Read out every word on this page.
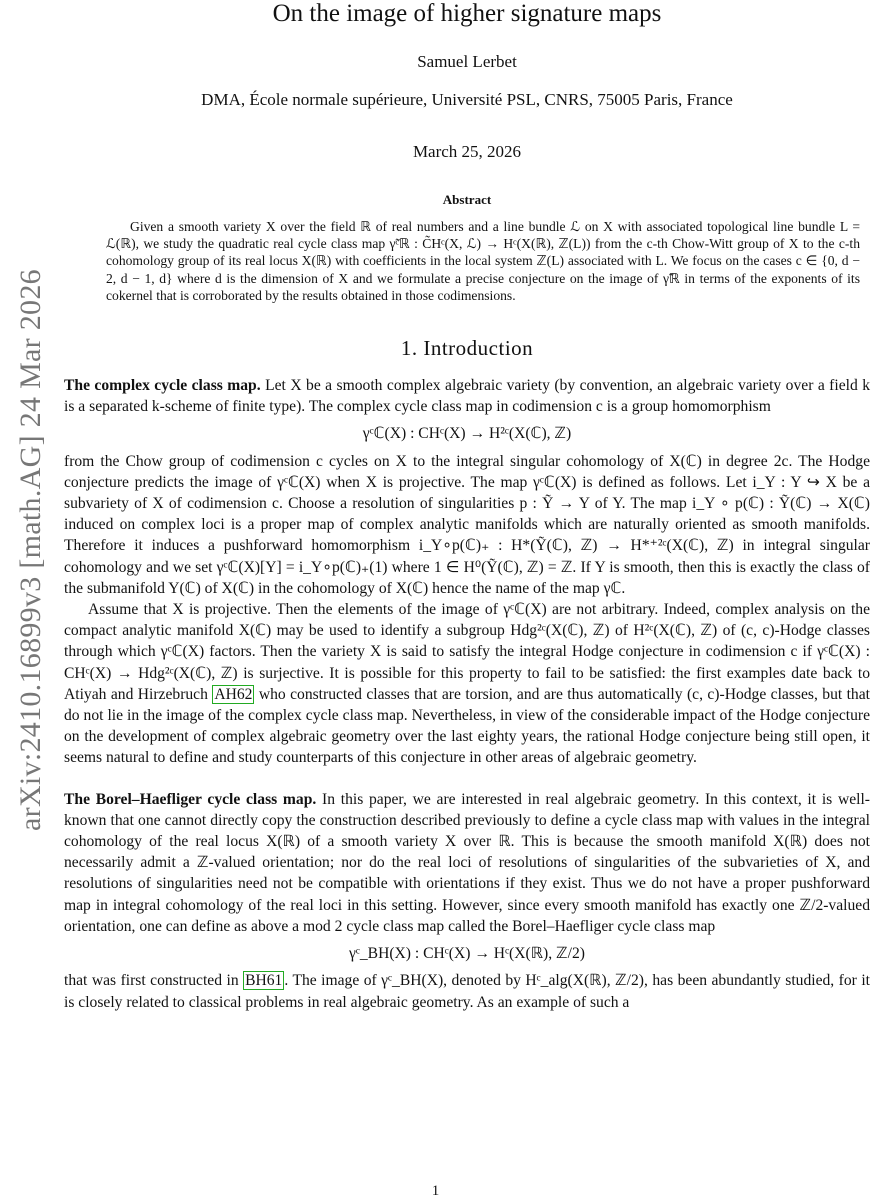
arXiv:2410.16899v3 [math.AG] 24 Mar 2026
On the image of higher signature maps
Samuel Lerbet
DMA, École normale supérieure, Université PSL, CNRS, 75005 Paris, France
March 25, 2026
Abstract

Given a smooth variety X over the field ℝ of real numbers and a line bundle ℒ on X with associated topological line bundle L = ℒ(ℝ), we study the quadratic real cycle class map γ̃ᶜℝ : C̃Hᶜ(X, ℒ) → Hᶜ(X(ℝ), ℤ(L)) from the c-th Chow-Witt group of X to the c-th cohomology group of its real locus X(ℝ) with coefficients in the local system ℤ(L) associated with L. We focus on the cases c ∈ {0, d − 2, d − 1, d} where d is the dimension of X and we formulate a precise conjecture on the image of γ̃ℝ in terms of the exponents of its cokernel that is corroborated by the results obtained in those codimensions.

1. Introduction

The complex cycle class map. Let X be a smooth complex algebraic variety (by convention, an algebraic variety over a field k is a separated k-scheme of finite type). The complex cycle class map in codimension c is a group homomorphism

γᶜℂ(X) : CHᶜ(X) → H²ᶜ(X(ℂ), ℤ)

from the Chow group of codimension c cycles on X to the integral singular cohomology of X(ℂ) in degree 2c. The Hodge conjecture predicts the image of γᶜℂ(X) when X is projective. The map γᶜℂ(X) is defined as follows. Let i_Y : Y ↪ X be a subvariety of X of codimension c. Choose a resolution of singularities p : Ỹ → Y of Y. The map i_Y ∘ p(ℂ) : Ỹ(ℂ) → X(ℂ) induced on complex loci is a proper map of complex analytic manifolds which are naturally oriented as smooth manifolds. Therefore it induces a pushforward homomorphism i_Y∘p(ℂ)₊ : H*(Ỹ(ℂ), ℤ) → H*⁺²ᶜ(X(ℂ), ℤ) in integral singular cohomology and we set γᶜℂ(X)[Y] = i_Y∘p(ℂ)₊(1) where 1 ∈ H⁰(Ỹ(ℂ), ℤ) = ℤ. If Y is smooth, then this is exactly the class of the submanifold Y(ℂ) of X(ℂ) in the cohomology of X(ℂ) hence the name of the map γℂ.

Assume that X is projective. Then the elements of the image of γᶜℂ(X) are not arbitrary. Indeed, complex analysis on the compact analytic manifold X(ℂ) may be used to identify a subgroup Hdg²ᶜ(X(ℂ), ℤ) of H²ᶜ(X(ℂ), ℤ) of (c, c)-Hodge classes through which γᶜℂ(X) factors. Then the variety X is said to satisfy the integral Hodge conjecture in codimension c if γᶜℂ(X) : CHᶜ(X) → Hdg²ᶜ(X(ℂ), ℤ) is surjective. It is possible for this property to fail to be satisfied: the first examples date back to Atiyah and Hirzebruch AH62 who constructed classes that are torsion, and are thus automatically (c, c)-Hodge classes, but that do not lie in the image of the complex cycle class map. Nevertheless, in view of the considerable impact of the Hodge conjecture on the development of complex algebraic geometry over the last eighty years, the rational Hodge conjecture being still open, it seems natural to define and study counterparts of this conjecture in other areas of algebraic geometry.

The Borel–Haefliger cycle class map. In this paper, we are interested in real algebraic geometry. In this context, it is well-known that one cannot directly copy the construction described previously to define a cycle class map with values in the integral cohomology of the real locus X(ℝ) of a smooth variety X over ℝ. This is because the smooth manifold X(ℝ) does not necessarily admit a ℤ-valued orientation; nor do the real loci of resolutions of singularities of the subvarieties of X, and resolutions of singularities need not be compatible with orientations if they exist. Thus we do not have a proper pushforward map in integral cohomology of the real loci in this setting. However, since every smooth manifold has exactly one ℤ/2-valued orientation, one can define as above a mod 2 cycle class map called the Borel–Haefliger cycle class map

γᶜ_BH(X) : CHᶜ(X) → Hᶜ(X(ℝ), ℤ/2)

that was first constructed in BH61 . The image of γᶜ_BH(X), denoted by Hᶜ_alg(X(ℝ), ℤ/2), has been abundantly studied, for it is closely related to classical problems in real algebraic geometry. As an example of such a

1
